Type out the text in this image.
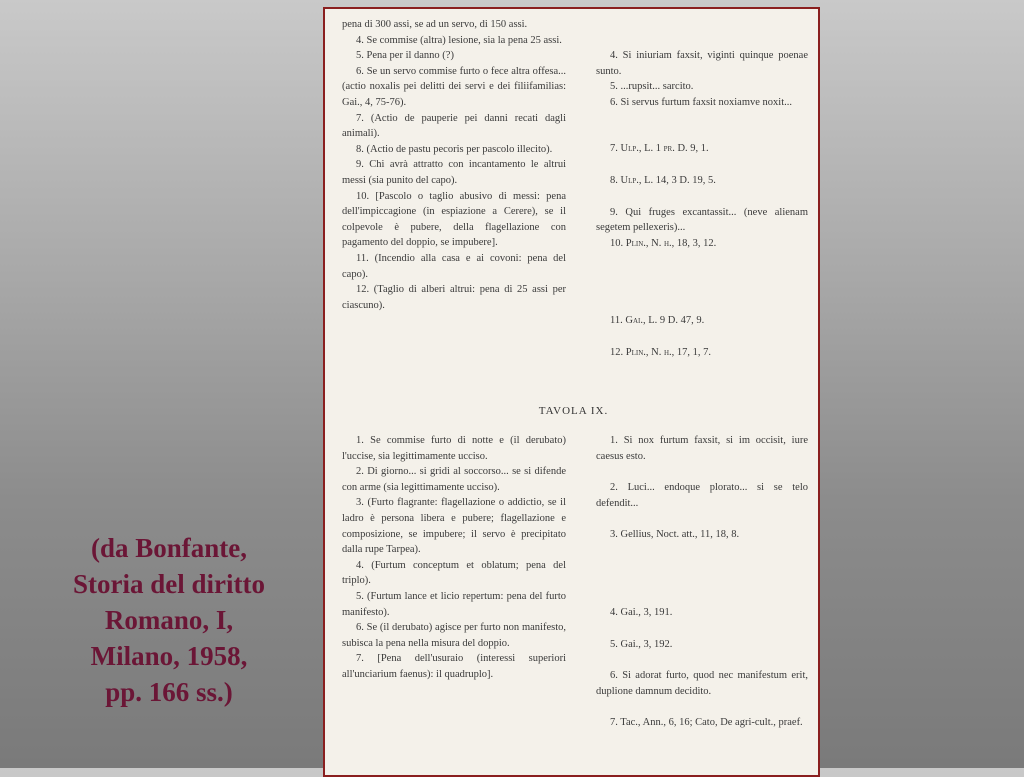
(da Bonfante,
Storia del diritto
Romano, I,
Milano, 1958,
pp. 166 ss.)
pena di 300 assi, se ad un servo, di 150 assi.
4. Se commise (altra) lesione, sia la pena 25 assi.
5. Pena per il danno (?)
6. Se un servo commise furto o fece altra offesa... (actio noxalis pei delitti dei servi e dei filiifamilias: Gai., 4, 75-76).
7. (Actio de pauperie pei danni recati dagli animali).
8. (Actio de pastu pecoris per pascolo illecito).
9. Chi avrà attratto con incantamento le altrui messi (sia punito del capo).
10. [Pascolo o taglio abusivo di messi: pena dell'impiccagione (in espiazione a Cerere), se il colpevole è pubere, della flagellazione con pagamento del doppio, se impubere].
11. (Incendio alla casa e ai covoni: pena del capo).
12. (Taglio di alberi altrui: pena di 25 assi per ciascuno).
4. Si iniuriam faxsit, viginti quinque poenae sunto.
5. ...rupsit... sarcito.
6. Si servus furtum faxsit noxiamve noxit...
7. Ulp., L. 1 pr. D. 9, 1.
8. Ulp., L. 14, 3 D. 19, 5.
9. Qui fruges excantassit... (neve alienam segetem pellexeris)...
10. Plin., N. h., 18, 3, 12.
11. Gai., L. 9 D. 47, 9.
12. Plin., N. h., 17, 1, 7.
TAVOLA IX.
1. Se commise furto di notte e (il derubato) l'uccise, sia legittimamente ucciso.
2. Di giorno... si gridi al soccorso... se si difende con arme (sia legittimamente ucciso).
3. (Furto flagrante: flagellazione o addictio, se il ladro è persona libera e pubere; flagellazione e composizione, se impubere; il servo è precipitato dalla rupe Tarpea).
4. (Furtum conceptum et oblatum; pena del triplo).
5. (Furtum lance et licio repertum: pena del furto manifesto).
6. Se (il derubato) agisce per furto non manifesto, subisca la pena nella misura del doppio.
7. [Pena dell'usuraio (interessi superiori all'unciarium faenus): il quadruplo].
1. Si nox furtum faxsit, si im occisit, iure caesus esto.
2. Luci... endoque plorato... si se telo defendit...
3. Gellius, Noct. att., 11, 18, 8.
4. Gai., 3, 191.
5. Gai., 3, 192.
6. Si adorat furto, quod nec manifestum erit, duplione damnum decidito.
7. Tac., Ann., 6, 16; Cato, De agri-cult., praef.
